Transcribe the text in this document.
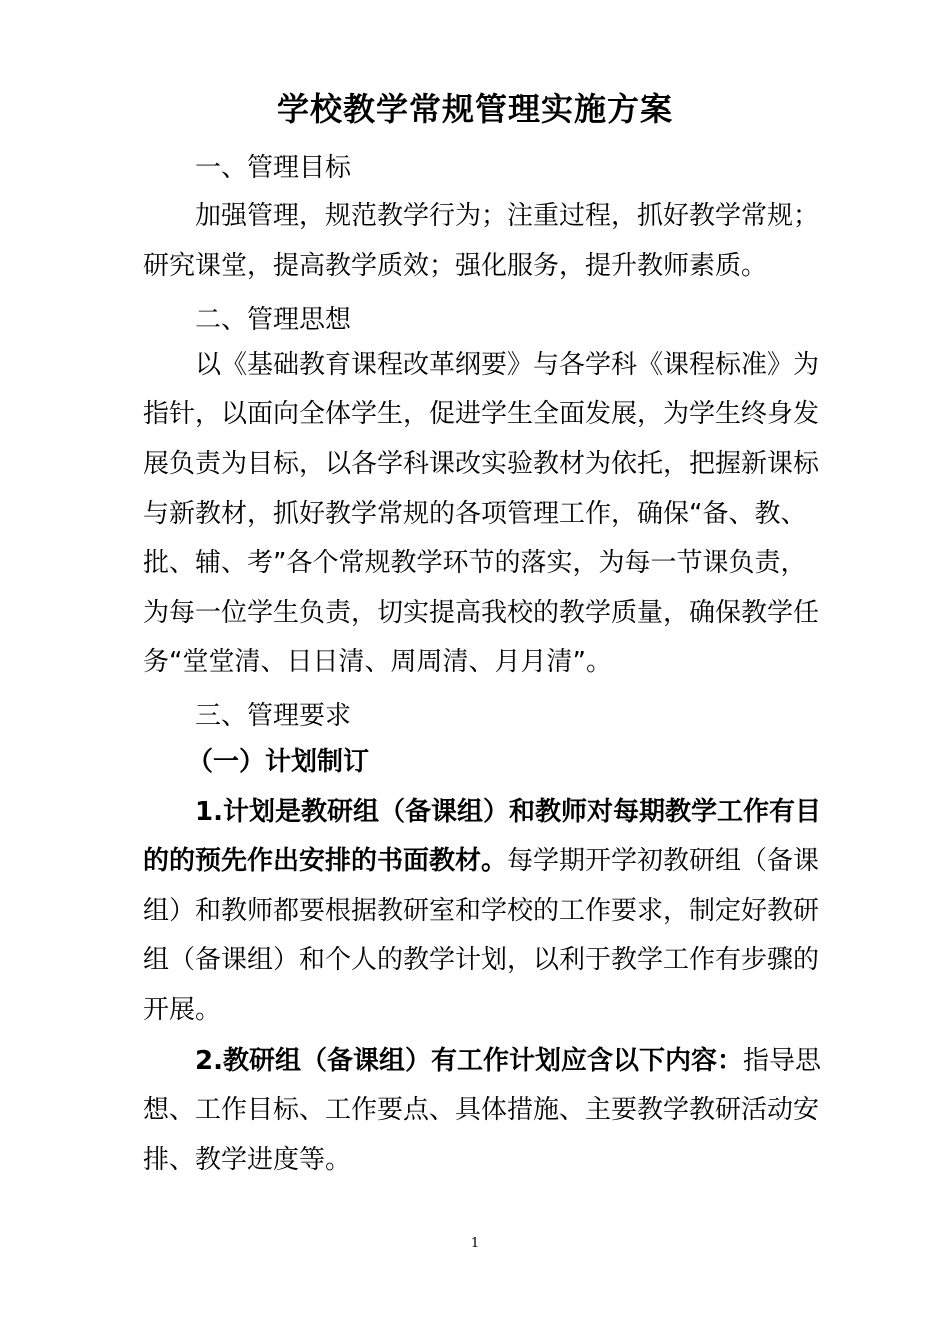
学校教学常规管理实施方案
一、管理目标
加强管理，规范教学行为；注重过程，抓好教学常规；
研究课堂，提高教学质效；强化服务，提升教师素质。
二、管理思想
以《基础教育课程改革纲要》与各学科《课程标准》为
指针，以面向全体学生，促进学生全面发展，为学生终身发
展负责为目标，以各学科课改实验教材为依托，把握新课标
与新教材，抓好教学常规的各项管理工作，确保“备、教、
批、辅、考”各个常规教学环节的落实，为每一节课负责，
为每一位学生负责，切实提高我校的教学质量，确保教学任
务“堂堂清、日日清、周周清、月月清”。
三、管理要求
（一）计划制订
1.计划是教研组（备课组）和教师对每期教学工作有目
的的预先作出安排的书面教材。每学期开学初教研组（备课
组）和教师都要根据教研室和学校的工作要求，制定好教研
组（备课组）和个人的教学计划，以利于教学工作有步骤的
开展。
2.教研组（备课组）有工作计划应含以下内容：指导思
想、工作目标、工作要点、具体措施、主要教学教研活动安
排、教学进度等。
1
